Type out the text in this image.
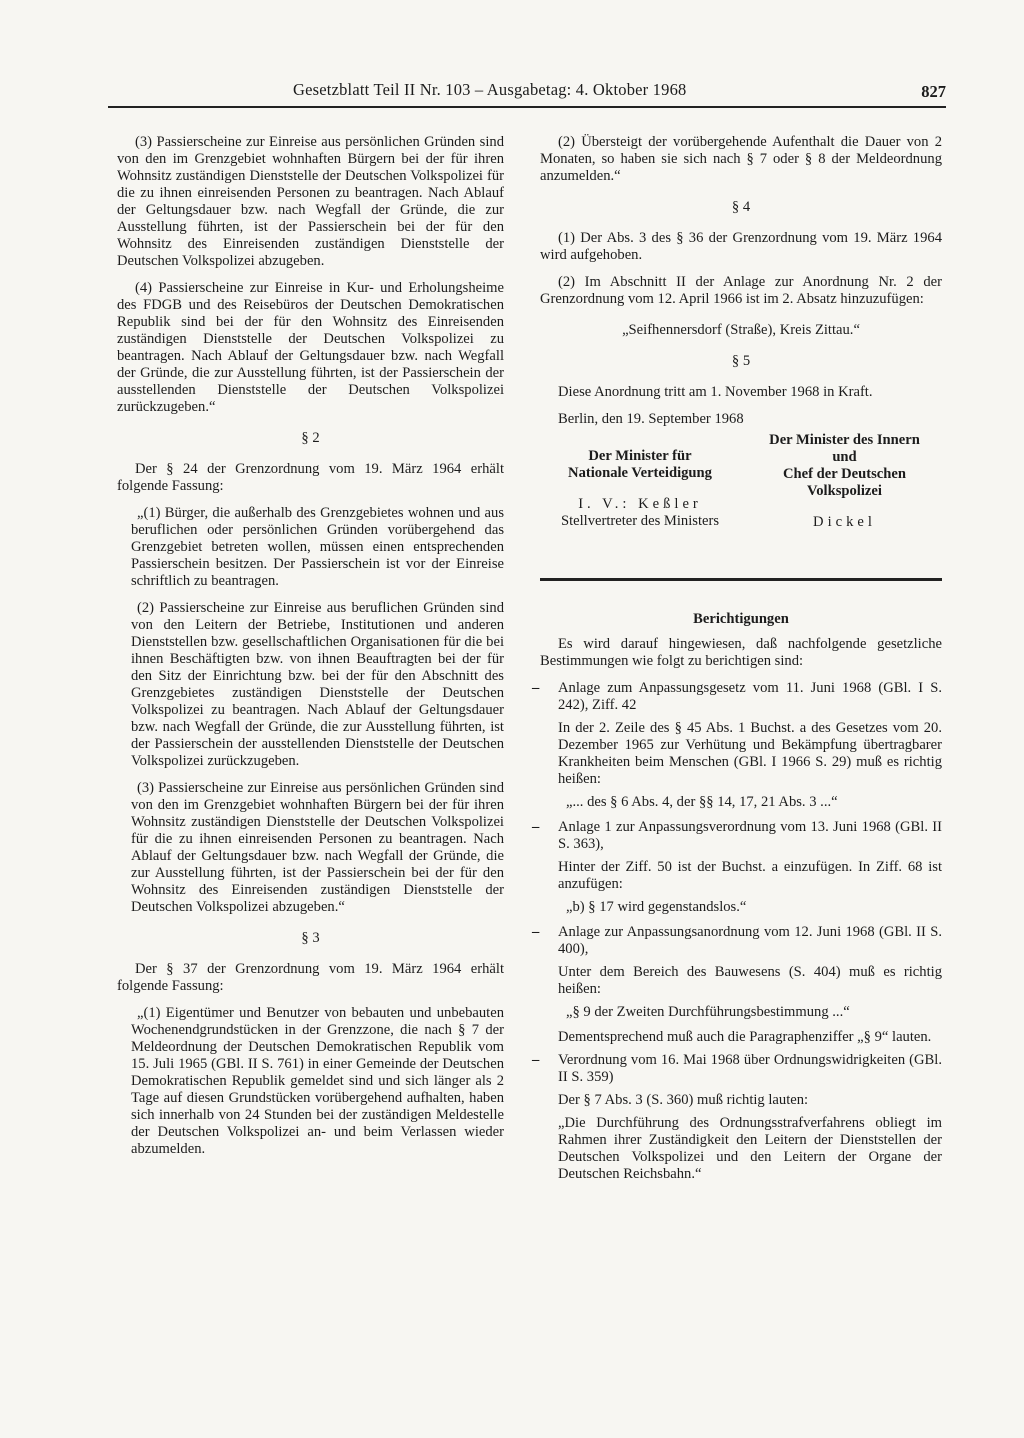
Gesetzblatt Teil II Nr. 103 – Ausgabetag: 4. Oktober 1968	827

(3) Passierscheine zur Einreise aus persönlichen Gründen sind von den im Grenzgebiet wohnhaften Bürgern bei der für ihren Wohnsitz zuständigen Dienststelle der Deutschen Volkspolizei für die zu ihnen einreisenden Personen zu beantragen. Nach Ablauf der Geltungsdauer bzw. nach Wegfall der Gründe, die zur Ausstellung führten, ist der Passierschein bei der für den Wohnsitz des Einreisenden zuständigen Dienststelle der Deutschen Volkspolizei abzugeben.

(4) Passierscheine zur Einreise in Kur- und Erholungsheime des FDGB und des Reisebüros der Deutschen Demokratischen Republik sind bei der für den Wohnsitz des Einreisenden zuständigen Dienststelle der Deutschen Volkspolizei zu beantragen. Nach Ablauf der Geltungsdauer bzw. nach Wegfall der Gründe, die zur Ausstellung führten, ist der Passierschein der ausstellenden Dienststelle der Deutschen Volkspolizei zurückzugeben.“

§ 2

Der § 24 der Grenzordnung vom 19. März 1964 erhält folgende Fassung:

„(1) Bürger, die außerhalb des Grenzgebietes wohnen und aus beruflichen oder persönlichen Gründen vorübergehend das Grenzgebiet betreten wollen, müssen einen entsprechenden Passierschein besitzen. Der Passierschein ist vor der Einreise schriftlich zu beantragen.

(2) Passierscheine zur Einreise aus beruflichen Gründen sind von den Leitern der Betriebe, Institutionen und anderen Dienststellen bzw. gesellschaftlichen Organisationen für die bei ihnen Beschäftigten bzw. von ihnen Beauftragten bei der für den Sitz der Einrichtung bzw. bei der für den Abschnitt des Grenzgebietes zuständigen Dienststelle der Deutschen Volkspolizei zu beantragen. Nach Ablauf der Geltungsdauer bzw. nach Wegfall der Gründe, die zur Ausstellung führten, ist der Passierschein der ausstellenden Dienststelle der Deutschen Volkspolizei zurückzugeben.

(3) Passierscheine zur Einreise aus persönlichen Gründen sind von den im Grenzgebiet wohnhaften Bürgern bei der für ihren Wohnsitz zuständigen Dienststelle der Deutschen Volkspolizei für die zu ihnen einreisenden Personen zu beantragen. Nach Ablauf der Geltungsdauer bzw. nach Wegfall der Gründe, die zur Ausstellung führten, ist der Passierschein bei der für den Wohnsitz des Einreisenden zuständigen Dienststelle der Deutschen Volkspolizei abzugeben.“

§ 3

Der § 37 der Grenzordnung vom 19. März 1964 erhält folgende Fassung:

„(1) Eigentümer und Benutzer von bebauten und unbebauten Wochenendgrundstücken in der Grenzzone, die nach § 7 der Meldeordnung der Deutschen Demokratischen Republik vom 15. Juli 1965 (GBl. II S. 761) in einer Gemeinde der Deutschen Demokratischen Republik gemeldet sind und sich länger als 2 Tage auf diesen Grundstücken vorübergehend aufhalten, haben sich innerhalb von 24 Stunden bei der zuständigen Meldestelle der Deutschen Volkspolizei an- und beim Verlassen wieder abzumelden.

(2) Übersteigt der vorübergehende Aufenthalt die Dauer von 2 Monaten, so haben sie sich nach § 7 oder § 8 der Meldeordnung anzumelden.“

§ 4

(1) Der Abs. 3 des § 36 der Grenzordnung vom 19. März 1964 wird aufgehoben.

(2) Im Abschnitt II der Anlage zur Anordnung Nr. 2 der Grenzordnung vom 12. April 1966 ist im 2. Absatz hinzuzufügen:

„Seifhennersdorf (Straße), Kreis Zittau.“

§ 5

Diese Anordnung tritt am 1. November 1968 in Kraft.

Berlin, den 19. September 1968

Der Minister für
Nationale Verteidigung
I. V.: Keßler
Stellvertreter des Ministers
Der Minister des Innern
und
Chef der Deutschen
Volkspolizei
Dickel

Berichtigungen

Es wird darauf hingewiesen, daß nachfolgende gesetzliche Bestimmungen wie folgt zu berichtigen sind:

– Anlage zum Anpassungsgesetz vom 11. Juni 1968 (GBl. I S. 242), Ziff. 42

In der 2. Zeile des § 45 Abs. 1 Buchst. a des Gesetzes vom 20. Dezember 1965 zur Verhütung und Bekämpfung übertragbarer Krankheiten beim Menschen (GBl. I 1966 S. 29) muß es richtig heißen:

„... des § 6 Abs. 4, der §§ 14, 17, 21 Abs. 3 ...“

– Anlage 1 zur Anpassungsverordnung vom 13. Juni 1968 (GBl. II S. 363),

Hinter der Ziff. 50 ist der Buchst. a einzufügen. In Ziff. 68 ist anzufügen:

„b) § 17 wird gegenstandslos.“

– Anlage zur Anpassungsanordnung vom 12. Juni 1968 (GBl. II S. 400),

Unter dem Bereich des Bauwesens (S. 404) muß es richtig heißen:

„§ 9 der Zweiten Durchführungsbestimmung ...“

Dementsprechend muß auch die Paragraphenziffer „§ 9“ lauten.

– Verordnung vom 16. Mai 1968 über Ordnungswidrigkeiten (GBl. II S. 359)

Der § 7 Abs. 3 (S. 360) muß richtig lauten:

„Die Durchführung des Ordnungsstrafverfahrens obliegt im Rahmen ihrer Zuständigkeit den Leitern der Dienststellen der Deutschen Volkspolizei und den Leitern der Organe der Deutschen Reichsbahn.“
